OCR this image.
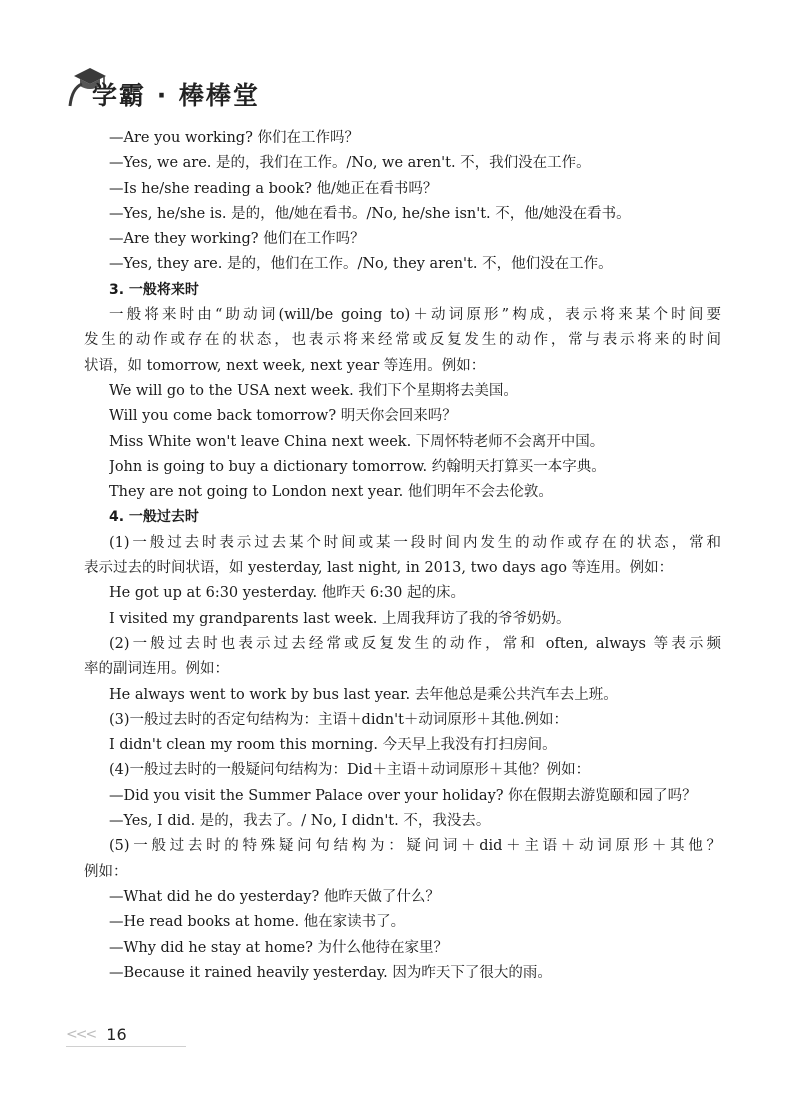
学霸 · 棒棒堂
—Are you working? 你们在工作吗？
—Yes, we are. 是的，我们在工作。/No, we aren't. 不，我们没在工作。
—Is he/she reading a book? 他/她正在看书吗？
—Yes, he/she is. 是的，他/她在看书。/No, he/she isn't. 不，他/她没在看书。
—Are they working? 他们在工作吗？
—Yes, they are. 是的，他们在工作。/No, they aren't. 不，他们没在工作。
3. 一般将来时
一般将来时由“助动词(will/be going to)＋动词原形”构成，表示将来某个时间要
发生的动作或存在的状态，也表示将来经常或反复发生的动作，常与表示将来的时间
状语，如 tomorrow, next week, next year 等连用。例如：
We will go to the USA next week. 我们下个星期将去美国。
Will you come back tomorrow? 明天你会回来吗？
Miss White won't leave China next week. 下周怀特老师不会离开中国。
John is going to buy a dictionary tomorrow. 约翰明天打算买一本字典。
They are not going to London next year. 他们明年不会去伦敦。
4. 一般过去时
(1)一般过去时表示过去某个时间或某一段时间内发生的动作或存在的状态，常和
表示过去的时间状语，如 yesterday, last night, in 2013, two days ago 等连用。例如：
He got up at 6:30 yesterday. 他昨天 6:30 起的床。
I visited my grandparents last week. 上周我拜访了我的爷爷奶奶。
(2)一般过去时也表示过去经常或反复发生的动作，常和 often, always 等表示频
率的副词连用。例如：
He always went to work by bus last year. 去年他总是乘公共汽车去上班。
(3)一般过去时的否定句结构为：主语＋didn't＋动词原形＋其他.例如：
I didn't clean my room this morning. 今天早上我没有打扫房间。
(4)一般过去时的一般疑问句结构为：Did＋主语＋动词原形＋其他？例如：
—Did you visit the Summer Palace over your holiday? 你在假期去游览颐和园了吗？
—Yes, I did. 是的，我去了。/ No, I didn't. 不，我没去。
(5)一般过去时的特殊疑问句结构为：疑问词＋did＋主语＋动词原形＋其他？
例如：
—What did he do yesterday? 他昨天做了什么？
—He read books at home. 他在家读书了。
—Why did he stay at home? 为什么他待在家里？
—Because it rained heavily yesterday. 因为昨天下了很大的雨。
<<< 16
